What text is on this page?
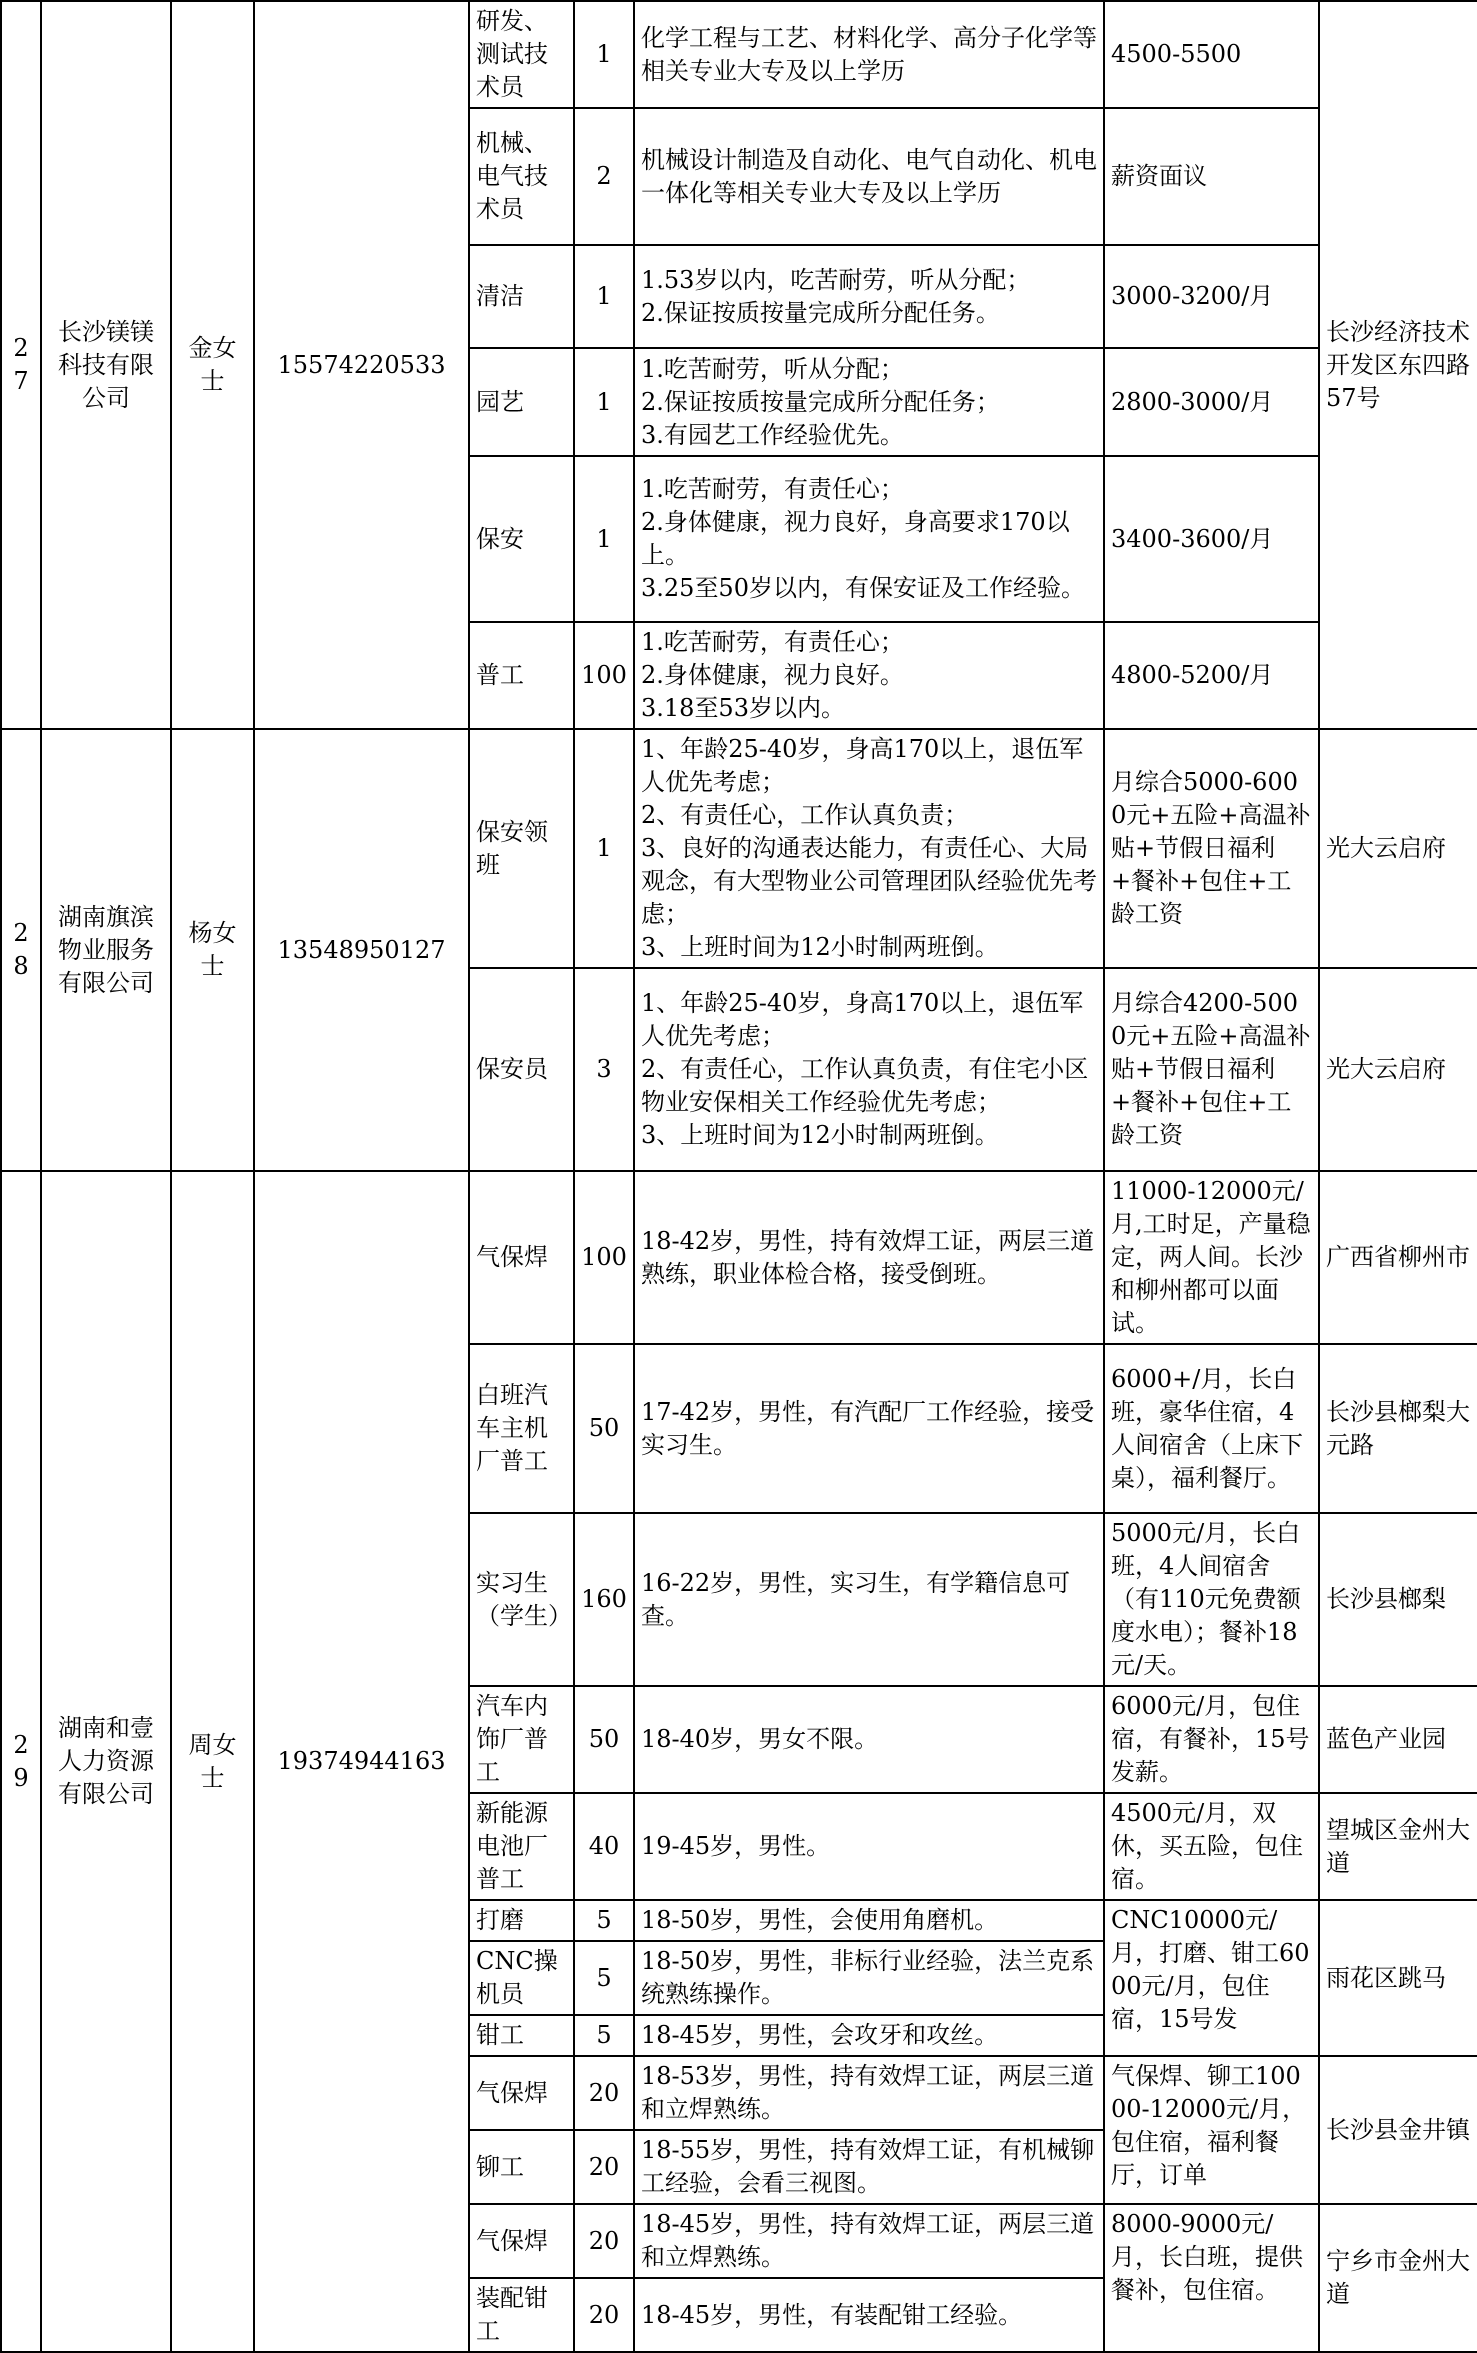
27	长沙镁镁科技有限公司	金女士	15574220533	研发、测试技术员	1	化学工程与工艺、材料化学、高分子化学等相关专业大专及以上学历	4500-5500	长沙经济技术开发区东四路57号
				机械、电气技术员	2	机械设计制造及自动化、电气自动化、机电一体化等相关专业大专及以上学历	薪资面议	
				清洁	1	1.53岁以内，吃苦耐劳，听从分配；
2.保证按质按量完成所分配任务。	3000-3200/月	
				园艺	1	1.吃苦耐劳，听从分配；
2.保证按质按量完成所分配任务；
3.有园艺工作经验优先。	2800-3000/月	
				保安	1	1.吃苦耐劳，有责任心；
2.身体健康，视力良好，身高要求170以上。
3.25至50岁以内，有保安证及工作经验。	3400-3600/月	
				普工	100	1.吃苦耐劳，有责任心；
2.身体健康，视力良好。
3.18至53岁以内。	4800-5200/月	
28	湖南旗滨物业服务有限公司	杨女士	13548950127	保安领班	1	1、年龄25-40岁，身高170以上，退伍军人优先考虑；
2、有责任心，工作认真负责；
3、良好的沟通表达能力，有责任心、大局观念，有大型物业公司管理团队经验优先考虑；
3、上班时间为12小时制两班倒。	月综合5000-6000元+五险+高温补贴+节假日福利+餐补+包住+工龄工资	光大云启府
				保安员	3	1、年龄25-40岁，身高170以上，退伍军人优先考虑；
2、有责任心，工作认真负责，有住宅小区物业安保相关工作经验优先考虑；
3、上班时间为12小时制两班倒。	月综合4200-5000元+五险+高温补贴+节假日福利+餐补+包住+工龄工资	光大云启府
29	湖南和壹人力资源有限公司	周女士	19374944163	气保焊	100	18-42岁，男性，持有效焊工证，两层三道熟练，职业体检合格，接受倒班。	11000-12000元/月,工时足，产量稳定，两人间。长沙和柳州都可以面试。	广西省柳州市
				白班汽车主机厂普工	50	17-42岁，男性，有汽配厂工作经验，接受实习生。	6000+/月，长白班，豪华住宿，4人间宿舍（上床下桌），福利餐厅。	长沙县榔梨大元路
				实习生（学生）	160	16-22岁，男性，实习生，有学籍信息可查。	5000元/月，长白班，4人间宿舍（有110元免费额度水电）；餐补18元/天。	长沙县榔梨
				汽车内饰厂普工	50	18-40岁，男女不限。	6000元/月，包住宿，有餐补，15号发薪。	蓝色产业园
				新能源电池厂普工	40	19-45岁，男性。	4500元/月，双休，买五险，包住宿。	望城区金州大道
				打磨	5	18-50岁，男性，会使用角磨机。	CNC10000元/月，打磨、钳工6000元/月，包住宿，15号发	雨花区跳马
				CNC操机员	5	18-50岁，男性，非标行业经验，法兰克系统熟练操作。		
				钳工	5	18-45岁，男性，会攻牙和攻丝。		
				气保焊	20	18-53岁，男性，持有效焊工证，两层三道和立焊熟练。	气保焊、铆工10000-12000元/月，包住宿，福利餐厅，订单	长沙县金井镇
				铆工	20	18-55岁，男性，持有效焊工证，有机械铆工经验，会看三视图。		
				气保焊	20	18-45岁，男性，持有效焊工证，两层三道和立焊熟练。	8000-9000元/月，长白班，提供餐补，包住宿。	宁乡市金州大道
				装配钳工	20	18-45岁，男性，有装配钳工经验。		
